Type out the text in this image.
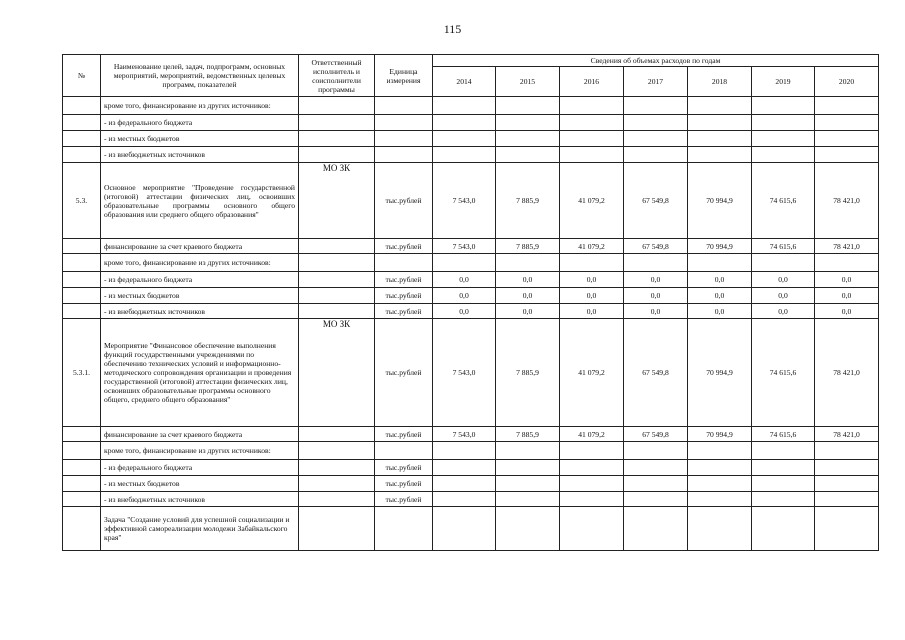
115
№	Наименование целей, задач, подпрограмм, основных мероприятий, мероприятий, ведомственных целевых программ, показателей	Ответственный исполнитель и соисполнители программы	Единица измерения	Сведения об объемах расходов по годам						
				2014	2015	2016	2017	2018	2019	2020
	кроме того, финансирование из других источников:									
	- из федерального бюджета									
	- из местных бюджетов									
	- из внебюджетных источников									
5.3.	Основное мероприятие "Проведение государственной (итоговой) аттестации физических лиц, освоивших образовательные программы основного общего образования или среднего общего образования"	МО ЗК	тыс.рублей	7 543,0	7 885,9	41 079,2	67 549,8	70 994,9	74 615,6	78 421,0
	финансирование за счет краевого бюджета		тыс.рублей	7 543,0	7 885,9	41 079,2	67 549,8	70 994,9	74 615,6	78 421,0
	кроме того, финансирование из других источников:									
	- из федерального бюджета		тыс.рублей	0,0	0,0	0,0	0,0	0,0	0,0	0,0
	- из местных бюджетов		тыс.рублей	0,0	0,0	0,0	0,0	0,0	0,0	0,0
	- из внебюджетных источников		тыс.рублей	0,0	0,0	0,0	0,0	0,0	0,0	0,0
5.3.1.	Мероприятие "Финансовое обеспечение выполнения функций государственными учреждениями по обеспечению технических условий и информационно-методического сопровождения организации и проведения государственной (итоговой) аттестации физических лиц, освоивших образовательные программы основного общего, среднего общего образования"	МО ЗК	тыс.рублей	7 543,0	7 885,9	41 079,2	67 549,8	70 994,9	74 615,6	78 421,0
	финансирование за счет краевого бюджета		тыс.рублей	7 543,0	7 885,9	41 079,2	67 549,8	70 994,9	74 615,6	78 421,0
	кроме того, финансирование из других источников:									
	- из федерального бюджета		тыс.рублей							
	- из местных бюджетов		тыс.рублей							
	- из внебюджетных источников		тыс.рублей							
	Задача "Создание условий для успешной социализации и эффективной самореализации молодежи Забайкальского края"									
